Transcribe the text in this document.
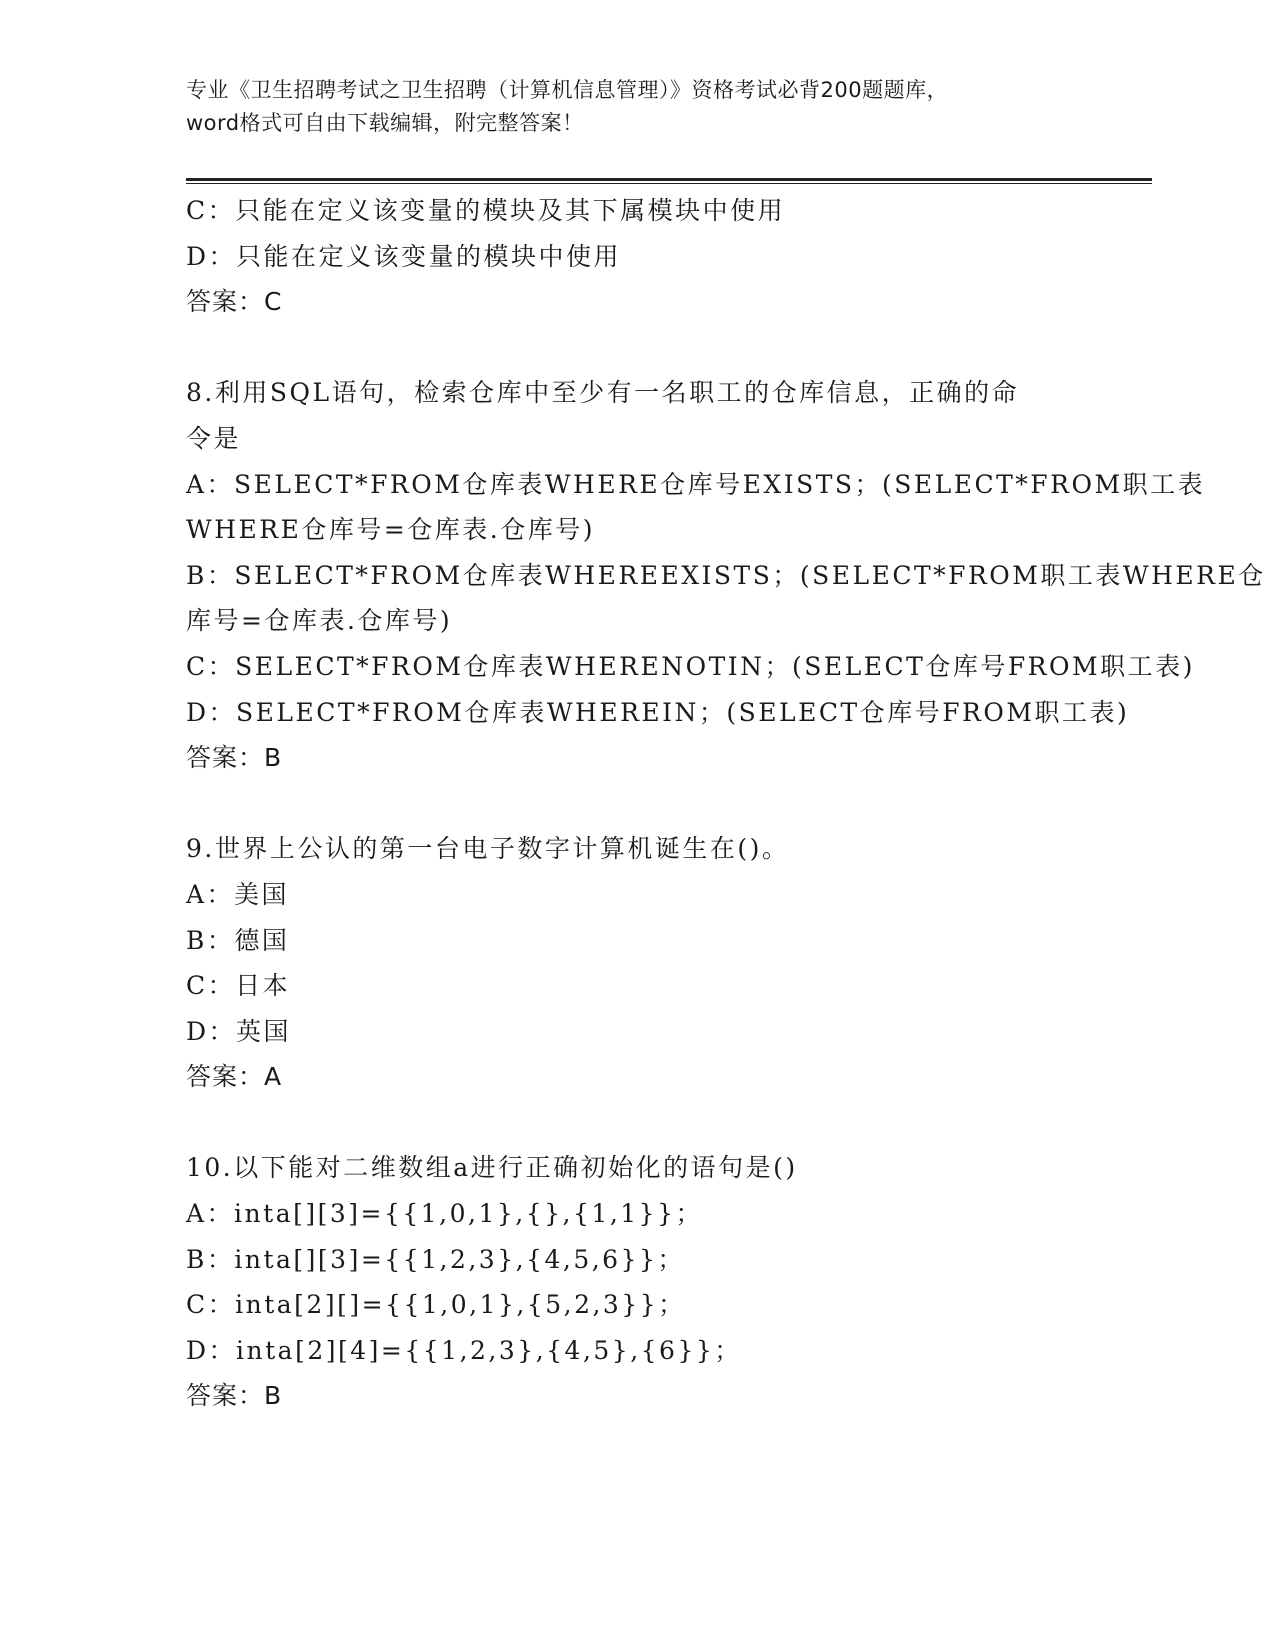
专业《卫生招聘考试之卫生招聘（计算机信息管理）》资格考试必背200题题库，
word格式可自由下载编辑，附完整答案！
C：只能在定义该变量的模块及其下属模块中使用
D：只能在定义该变量的模块中使用
答案：C
8.利用SQL语句，检索仓库中至少有一名职工的仓库信息，正确的命
令是
A：SELECT*FROM仓库表WHERE仓库号EXISTS；(SELECT*FROM职工表
WHERE仓库号=仓库表.仓库号)
B：SELECT*FROM仓库表WHEREEXISTS；(SELECT*FROM职工表WHERE仓
库号=仓库表.仓库号)
C：SELECT*FROM仓库表WHERENOTIN；(SELECT仓库号FROM职工表)
D：SELECT*FROM仓库表WHEREIN；(SELECT仓库号FROM职工表)
答案：B
9.世界上公认的第一台电子数字计算机诞生在()。
A：美国
B：德国
C：日本
D：英国
答案：A
10.以下能对二维数组a进行正确初始化的语句是()
A：inta[][3]={{1,0,1},{},{1,1}}；
B：inta[][3]={{1,2,3},{4,5,6}}；
C：inta[2][]={{1,0,1},{5,2,3}}；
D：inta[2][4]={{1,2,3},{4,5},{6}}；
答案：B
